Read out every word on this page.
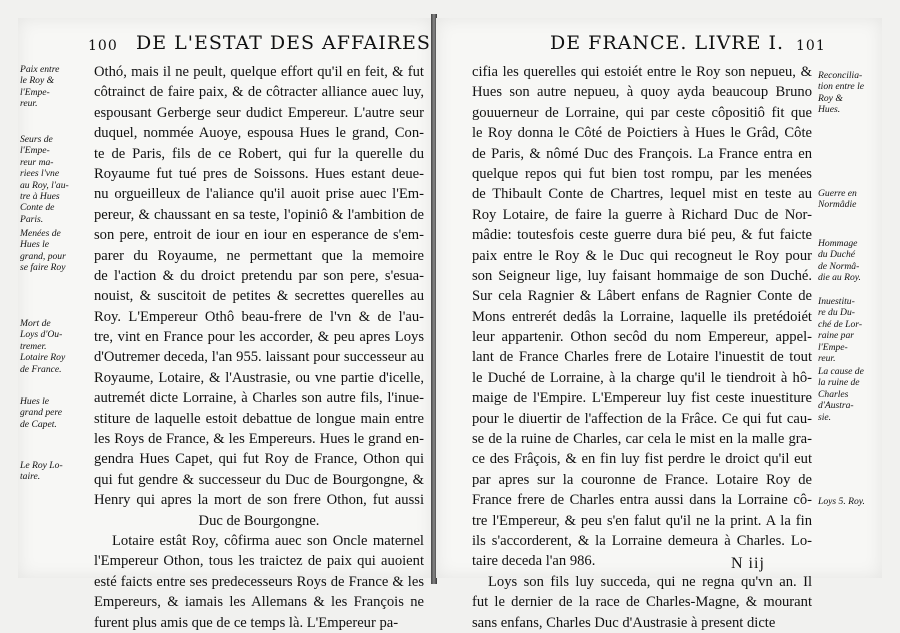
100 DE L'ESTAT DES AFFAIRES
Paix entre
le Roy &
l'Empe-
reur.
Seurs de
l'Empe-
reur ma-
riees l'vne
au Roy, l'au-
tre à Hues
Conte de
Paris.
Menées de
Hues le
grand, pour
se faire Roy
Mort de
Loys d'Ou-
tremer.
Lotaire Roy
de France.
Hues le
grand pere
de Capet.
Le Roy Lo-
taire.
Othó, mais il ne peult, quelque effort qu'il en feit, & fut
côtrainct de faire paix, & de côtracter alliance auec luy,
espousant Gerberge seur dudict Empereur. L'autre seur
duquel, nommée Auoye, espousa Hues le grand, Con-
te de Paris, fils de ce Robert, qui fur la querelle du
Royaume fut tué pres de Soissons. Hues estant deue-
nu orgueilleux de l'aliance qu'il auoit prise auec l'Em-
pereur, & chaussant en sa teste, l'opiniô & l'ambition de
son pere, entroit de iour en iour en esperance de s'em-
parer du Royaume, ne permettant que la memoire
de l'action & du droict pretendu par son pere, s'esua-
nouist, & suscitoit de petites & secrettes querelles au
Roy. L'Empereur Othô beau-frere de l'vn & de l'au-
tre, vint en France pour les accorder, & peu apres Loys
d'Outremer deceda, l'an 955. laissant pour successeur au
Royaume, Lotaire, & l'Austrasie, ou vne partie d'icelle,
autremét dicte Lorraine, à Charles son autre fils, l'inue-
stiture de laquelle estoit debattue de longue main entre
les Roys de France, & les Empereurs. Hues le grand en-
gendra Hues Capet, qui fut Roy de France, Othon qui
qui fut gendre & successeur du Duc de Bourgongne, &
Henry qui apres la mort de son frere Othon, fut aussi
Duc de Bourgongne.
Lotaire estât Roy, côfirma auec son Oncle maternel
l'Empereur Othon, tous les traictez de paix qui auoient
esté faicts entre ses predecesseurs Roys de France & les
Empereurs, & iamais les Allemans & les François ne
furent plus amis que de ce temps là. L'Empereur pa-
DE FRANCE. LIVRE I. 101
cifia les querelles qui estoiét entre le Roy son nepueu, &
Hues son autre nepueu, à quoy ayda beaucoup Bruno
gouuerneur de Lorraine, qui par ceste côpositiô fit que
le Roy donna le Côté de Poictiers à Hues le Grâd, Côte
de Paris, & nômé Duc des François. La France entra en
quelque repos qui fut bien tost rompu, par les menées
de Thibault Conte de Chartres, lequel mist en teste au
Roy Lotaire, de faire la guerre à Richard Duc de Nor-
mâdie: toutesfois ceste guerre dura bié peu, & fut faicte
paix entre le Roy & le Duc qui recogneut le Roy pour
son Seigneur lige, luy faisant hommaige de son Duché.
Sur cela Ragnier & Lâbert enfans de Ragnier Conte de
Mons entrerét dedâs la Lorraine, laquelle ils pretédoiét
leur appartenir. Othon secôd du nom Empereur, appel-
lant de France Charles frere de Lotaire l'inuestit de tout
le Duché de Lorraine, à la charge qu'il le tiendroit à hô-
maige de l'Empire. L'Empereur luy fist ceste inuestiture
pour le diuertir de l'affection de la Frâce. Ce qui fut cau-
se de la ruine de Charles, car cela le mist en la malle gra-
ce des Frâçois, & en fin luy fist perdre le droict qu'il eut
par apres sur la couronne de France. Lotaire Roy de
France frere de Charles entra aussi dans la Lorraine cô-
tre l'Empereur, & peu s'en falut qu'il ne la print. A la fin
ils s'accorderent, & la Lorraine demeura à Charles. Lo-
taire deceda l'an 986.
Loys son fils luy succeda, qui ne regna qu'vn an. Il
fut le dernier de la race de Charles-Magne, & mourant
sans enfans, Charles Duc d'Austrasie à present dicte
Reconcilia-
tion entre le
Roy &
Hues.
Guerre en
Normâdie
Hommage
du Duché
de Normâ-
die au Roy.
Inuestitu-
re du Du-
ché de Lor-
raine par
l'Empe-
reur.
La cause de
la ruine de
Charles
d'Austra-
sie.
Loys 5. Roy.
N iij
